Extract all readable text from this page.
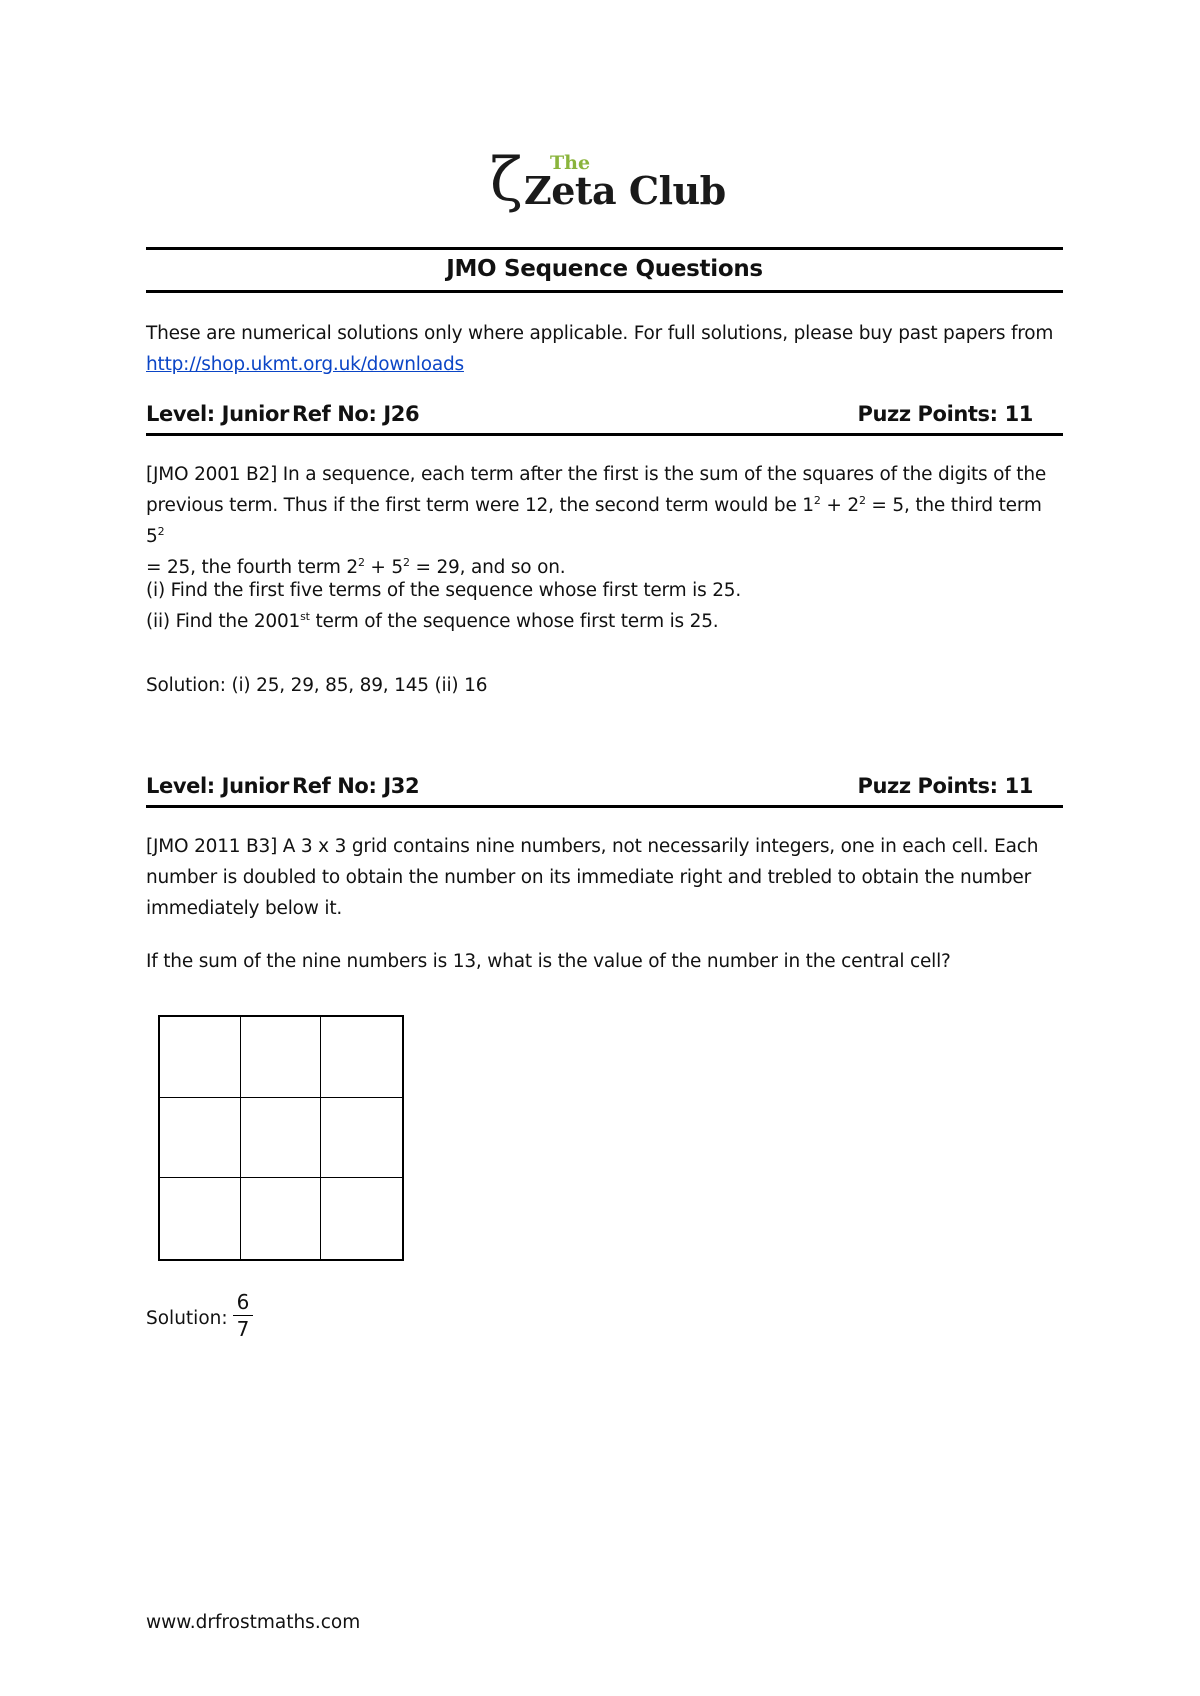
ζ The
Zeta Club
JMO Sequence Questions
These are numerical solutions only where applicable. For full solutions, please buy past papers from
http://shop.ukmt.org.uk/downloads
Level: Junior Ref No: J26	Puzz Points: 11
[JMO 2001 B2] In a sequence, each term after the first is the sum of the squares of the digits of the
previous term. Thus if the first term were 12, the second term would be $1^2 + 2^2 = 5$, the third term $5^2$
= 25, the fourth term $2^2 + 5^2 = 29$, and so on.
(i) Find the first five terms of the sequence whose first term is 25.
(ii) Find the 2001st term of the sequence whose first term is 25.
Solution: (i) 25, 29, 85, 89, 145 (ii) 16
Level: Junior Ref No: J32	Puzz Points: 11
[JMO 2011 B3] A 3 x 3 grid contains nine numbers, not necessarily integers, one in each cell. Each
number is doubled to obtain the number on its immediate right and trebled to obtain the number
immediately below it.
If the sum of the nine numbers is 13, what is the value of the number in the central cell?
Solution: $\frac{6}{7}$
www.drfrostmaths.com
